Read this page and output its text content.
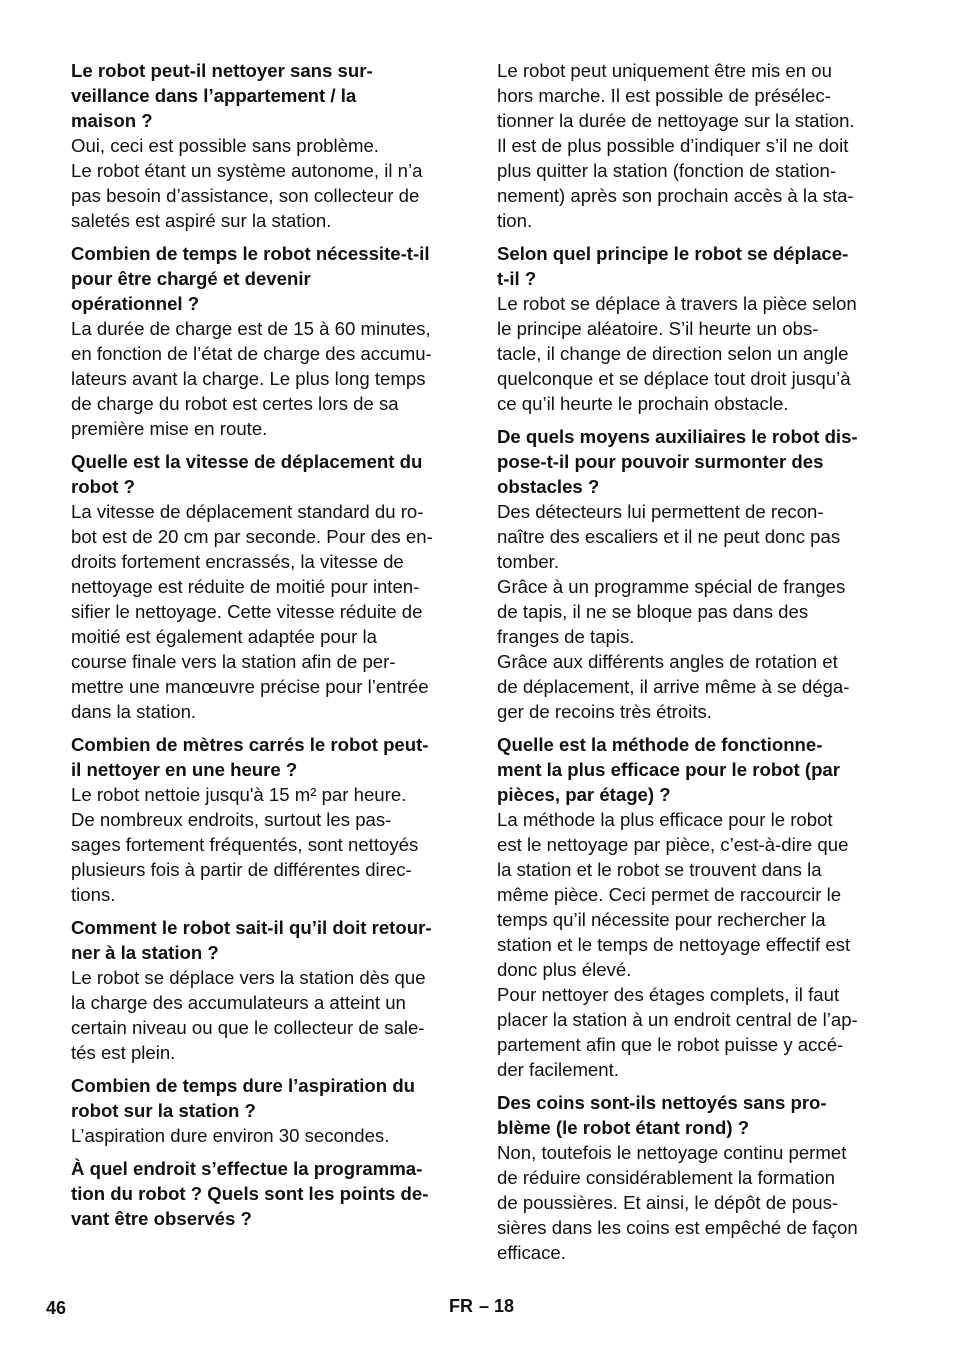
Le robot peut-il nettoyer sans sur-
veillance dans l’appartement / la
maison ?
Oui, ceci est possible sans problème.
Le robot étant un système autonome, il n’a
pas besoin d’assistance, son collecteur de
saletés est aspiré sur la station.
Combien de temps le robot nécessite-t-il
pour être chargé et devenir
opérationnel ?
La durée de charge est de 15 à 60 minutes,
en fonction de l’état de charge des accumu-
lateurs avant la charge. Le plus long temps
de charge du robot est certes lors de sa
première mise en route.
Quelle est la vitesse de déplacement du
robot ?
La vitesse de déplacement standard du ro-
bot est de 20 cm par seconde. Pour des en-
droits fortement encrassés, la vitesse de
nettoyage est réduite de moitié pour inten-
sifier le nettoyage. Cette vitesse réduite de
moitié est également adaptée pour la
course finale vers la station afin de per-
mettre une manœuvre précise pour l’entrée
dans la station.
Combien de mètres carrés le robot peut-
il nettoyer en une heure ?
Le robot nettoie jusqu'à 15 m² par heure.
De nombreux endroits, surtout les pas-
sages fortement fréquentés, sont nettoyés
plusieurs fois à partir de différentes direc-
tions.
Comment le robot sait-il qu’il doit retour-
ner à la station ?
Le robot se déplace vers la station dès que
la charge des accumulateurs a atteint un
certain niveau ou que le collecteur de sale-
tés est plein.
Combien de temps dure l’aspiration du
robot sur la station ?
L’aspiration dure environ 30 secondes.
À quel endroit s’effectue la programma-
tion du robot ? Quels sont les points de-
vant être observés ?
Le robot peut uniquement être mis en ou
hors marche. Il est possible de présélec-
tionner la durée de nettoyage sur la station.
Il est de plus possible d’indiquer s’il ne doit
plus quitter la station (fonction de station-
nement) après son prochain accès à la sta-
tion.
Selon quel principe le robot se déplace-
t-il ?
Le robot se déplace à travers la pièce selon
le principe aléatoire. S’il heurte un obs-
tacle, il change de direction selon un angle
quelconque et se déplace tout droit jusqu’à
ce qu’il heurte le prochain obstacle.
De quels moyens auxiliaires le robot dis-
pose-t-il pour pouvoir surmonter des
obstacles ?
Des détecteurs lui permettent de recon-
naître des escaliers et il ne peut donc pas
tomber.
Grâce à un programme spécial de franges
de tapis, il ne se bloque pas dans des
franges de tapis.
Grâce aux différents angles de rotation et
de déplacement, il arrive même à se déga-
ger de recoins très étroits.
Quelle est la méthode de fonctionne-
ment la plus efficace pour le robot (par
pièces, par étage) ?
La méthode la plus efficace pour le robot
est le nettoyage par pièce, c’est-à-dire que
la station et le robot se trouvent dans la
même pièce. Ceci permet de raccourcir le
temps qu’il nécessite pour rechercher la
station et le temps de nettoyage effectif est
donc plus élevé.
Pour nettoyer des étages complets, il faut
placer la station à un endroit central de l’ap-
partement afin que le robot puisse y accé-
der facilement.
Des coins sont-ils nettoyés sans pro-
blème (le robot étant rond) ?
Non, toutefois le nettoyage continu permet
de réduire considérablement la formation
de poussières. Et ainsi, le dépôt de pous-
sières dans les coins est empêché de façon
efficace.
46	FR – 18
